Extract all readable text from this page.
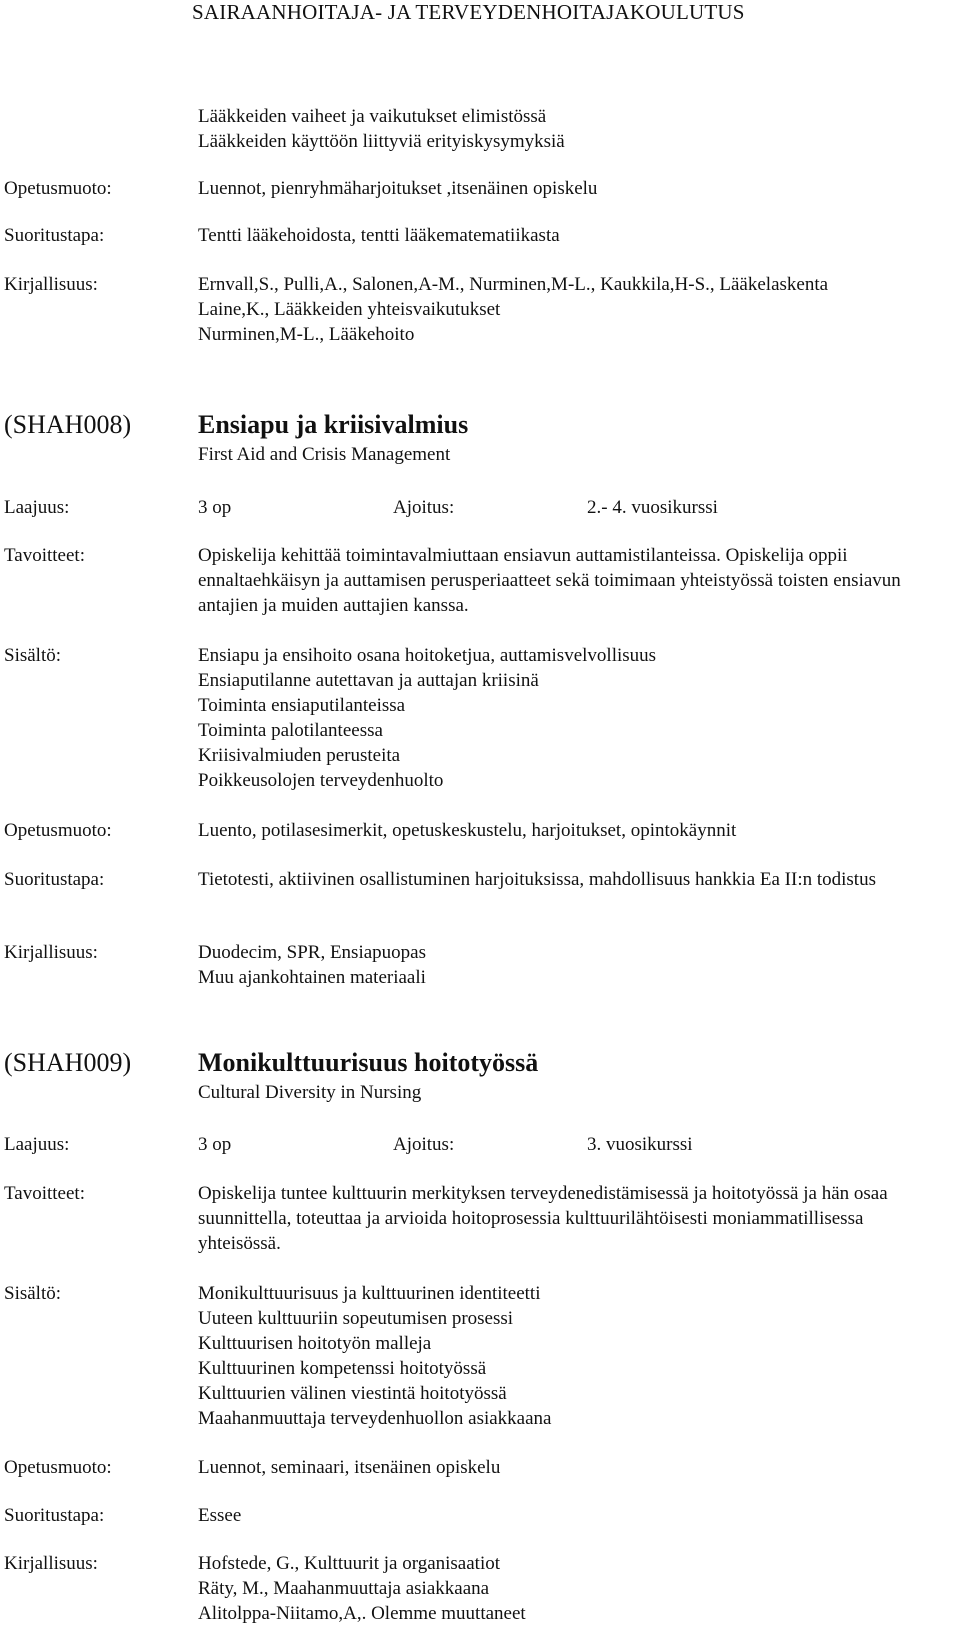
SAIRAANHOITAJA- JA TERVEYDENHOITAJAKOULUTUS
Lääkkeiden vaiheet ja vaikutukset elimistössä
Lääkkeiden käyttöön liittyviä erityiskysymyksiä
Opetusmuoto:	Luennot, pienryhmäharjoitukset ,itsenäinen opiskelu
Suoritustapa:	Tentti lääkehoidosta, tentti lääkematematiikasta
Kirjallisuus:	Ernvall,S., Pulli,A., Salonen,A-M., Nurminen,M-L., Kaukkila,H-S., Lääkelaskenta
Laine,K., Lääkkeiden yhteisvaikutukset
Nurminen,M-L., Lääkehoito
(SHAH008)	Ensiapu ja kriisivalmius
First Aid and Crisis Management
Laajuus:	3 op	Ajoitus:	2.- 4. vuosikurssi
Tavoitteet:	Opiskelija kehittää toimintavalmiuttaan ensiavun auttamistilanteissa. Opiskelija oppii ennaltaehkäisyn ja auttamisen perusperiaatteet sekä toimimaan yhteistyössä toisten ensiavun antajien ja muiden auttajien kanssa.
Sisältö:	Ensiapu ja ensihoito osana hoitoketjua, auttamisvelvollisuus
Ensiaputilanne autettavan ja auttajan kriisinä
Toiminta ensiaputilanteissa
Toiminta palotilanteessa
Kriisivalmiuden perusteita
Poikkeusolojen terveydenhuolto
Opetusmuoto:	Luento, potilasesimerkit, opetuskeskustelu, harjoitukset, opintokäynnit
Suoritustapa:	Tietotesti, aktiivinen osallistuminen harjoituksissa, mahdollisuus hankkia Ea II:n todistus
Kirjallisuus:	Duodecim, SPR, Ensiapuopas
Muu ajankohtainen materiaali
(SHAH009)	Monikulttuurisuus hoitotyössä
Cultural Diversity in Nursing
Laajuus:	3 op	Ajoitus:	3. vuosikurssi
Tavoitteet:	Opiskelija tuntee kulttuurin merkityksen terveydenedistämisessä ja hoitotyössä ja hän osaa suunnittella, toteuttaa ja arvioida hoitoprosessia kulttuurilähtöisesti moniammatillisessa yhteisössä.
Sisältö:	Monikulttuurisuus ja kulttuurinen identiteetti
Uuteen kulttuuriin sopeutumisen prosessi
Kulttuurisen hoitotyön malleja
Kulttuurinen kompetenssi hoitotyössä
Kulttuurien välinen viestintä hoitotyössä
Maahanmuuttaja terveydenhuollon asiakkaana
Opetusmuoto:	Luennot, seminaari, itsenäinen opiskelu
Suoritustapa:	Essee
Kirjallisuus:	Hofstede, G., Kulttuurit ja organisaatiot
Räty, M., Maahanmuuttaja asiakkaana
Alitolppa-Niitamo,A,. Olemme muuttaneet
